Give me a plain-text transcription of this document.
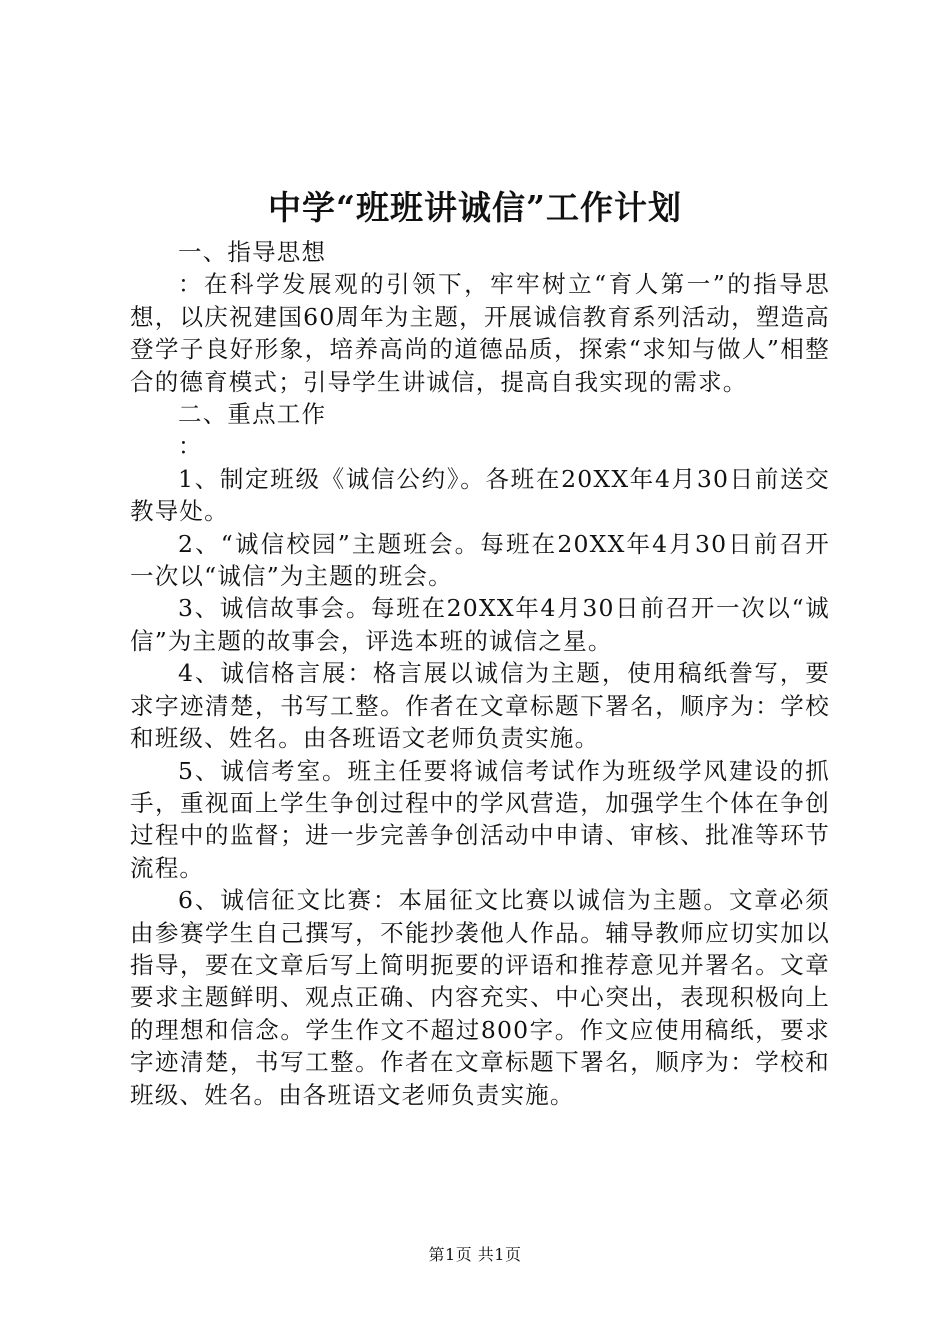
中学“班班讲诚信”工作计划

一、指导思想

：在科学发展观的引领下，牢牢树立“育人第一”的指导思想，以庆祝建国60周年为主题，开展诚信教育系列活动，塑造高登学子良好形象，培养高尚的道德品质，探索“求知与做人”相整合的德育模式；引导学生讲诚信，提高自我实现的需求。

二、重点工作

：

1、制定班级《诚信公约》。各班在20XX年4月30日前送交教导处。

2、“诚信校园”主题班会。每班在20XX年4月30日前召开一次以“诚信”为主题的班会。

3、诚信故事会。每班在20XX年4月30日前召开一次以“诚信”为主题的故事会，评选本班的诚信之星。

4、诚信格言展：格言展以诚信为主题，使用稿纸誊写，要求字迹清楚，书写工整。作者在文章标题下署名，顺序为：学校和班级、姓名。由各班语文老师负责实施。

5、诚信考室。班主任要将诚信考试作为班级学风建设的抓手，重视面上学生争创过程中的学风营造，加强学生个体在争创过程中的监督；进一步完善争创活动中申请、审核、批准等环节流程。

6、诚信征文比赛：本届征文比赛以诚信为主题。文章必须由参赛学生自己撰写，不能抄袭他人作品。辅导教师应切实加以指导，要在文章后写上简明扼要的评语和推荐意见并署名。文章要求主题鲜明、观点正确、内容充实、中心突出，表现积极向上的理想和信念。学生作文不超过800字。作文应使用稿纸，要求字迹清楚，书写工整。作者在文章标题下署名，顺序为：学校和班级、姓名。由各班语文老师负责实施。

第1页 共1页
